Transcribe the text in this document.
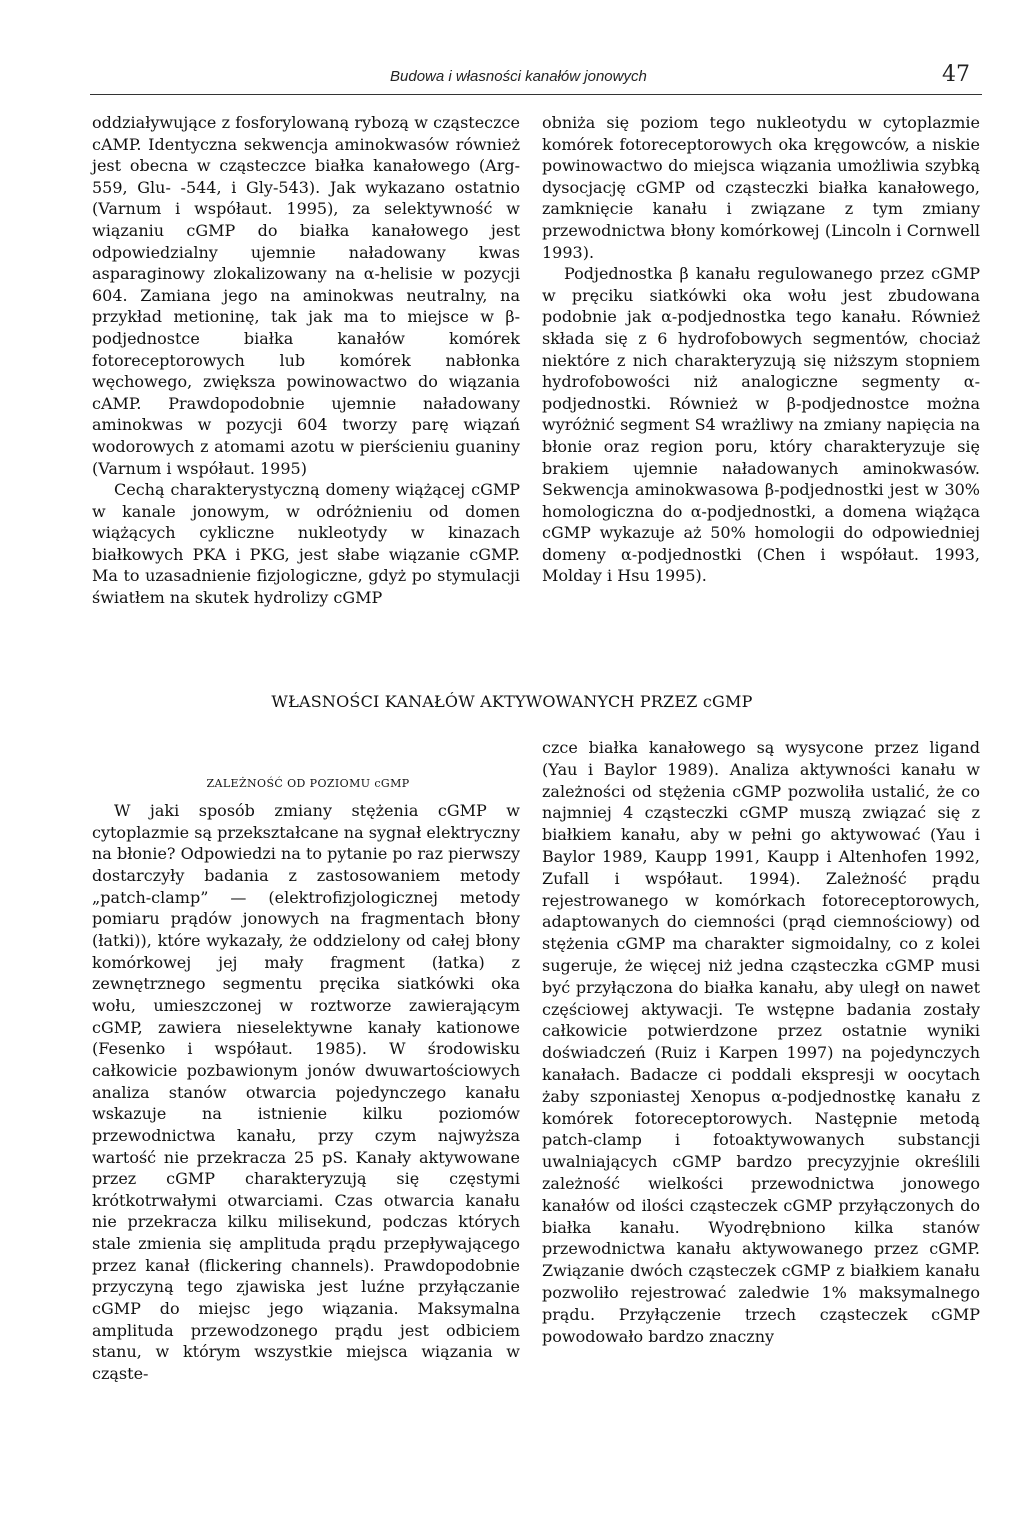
Budowa i własności kanałów jonowych	47

oddziaływujące z fosforylowaną rybozą w cząsteczce cAMP. Identyczna sekwencja aminokwasów również jest obecna w cząsteczce białka kanałowego (Arg-559, Glu- -544, i Gly-543). Jak wykazano ostatnio (Varnum i współaut. 1995), za selektywność w wiązaniu cGMP do białka kanałowego jest odpowiedzialny ujemnie naładowany kwas asparaginowy zlokalizowany na α-helisie w pozycji 604. Zamiana jego na aminokwas neutralny, na przykład metioninę, tak jak ma to miejsce w β-podjednostce białka kanałów komórek fotoreceptorowych lub komórek nabłonka węchowego, zwiększa powinowactwo do wiązania cAMP. Prawdopodobnie ujemnie naładowany aminokwas w pozycji 604 tworzy parę wiązań wodorowych z atomami azotu w pierścieniu guaniny (Varnum i współaut. 1995)

Cechą charakterystyczną domeny wiążącej cGMP w kanale jonowym, w odróżnieniu od domen wiążących cykliczne nukleotydy w kinazach białkowych PKA i PKG, jest słabe wiązanie cGMP. Ma to uzasadnienie fizjologiczne, gdyż po stymulacji światłem na skutek hydrolizy cGMP

obniża się poziom tego nukleotydu w cytoplazmie komórek fotoreceptorowych oka kręgowców, a niskie powinowactwo do miejsca wiązania umożliwia szybką dysocjację cGMP od cząsteczki białka kanałowego, zamknięcie kanału i związane z tym zmiany przewodnictwa błony komórkowej (Lincoln i Cornwell 1993).

Podjednostka β kanału regulowanego przez cGMP w pręciku siatkówki oka wołu jest zbudowana podobnie jak α-podjednostka tego kanału. Również składa się z 6 hydrofobowych segmentów, chociaż niektóre z nich charakteryzują się niższym stopniem hydrofobowości niż analogiczne segmenty α-podjednostki. Również w β-podjednostce można wyróżnić segment S4 wrażliwy na zmiany napięcia na błonie oraz region poru, który charakteryzuje się brakiem ujemnie naładowanych aminokwasów. Sekwencja aminokwasowa β-podjednostki jest w 30% homologiczna do α-podjednostki, a domena wiążąca cGMP wykazuje aż 50% homologii do odpowiedniej domeny α-podjednostki (Chen i współaut. 1993, Molday i Hsu 1995).

WŁASNOŚCI KANAŁÓW AKTYWOWANYCH PRZEZ cGMP
ZALEŻNOŚĆ OD POZIOMU cGMP

W jaki sposób zmiany stężenia cGMP w cytoplazmie są przekształcane na sygnał elektryczny na błonie? Odpowiedzi na to pytanie po raz pierwszy dostarczyły badania z zastosowaniem metody „patch-clamp” — (elektrofizjologicznej metody pomiaru prądów jonowych na fragmentach błony (łatki)), które wykazały, że oddzielony od całej błony komórkowej jej mały fragment (łatka) z zewnętrznego segmentu pręcika siatkówki oka wołu, umieszczonej w roztworze zawierającym cGMP, zawiera nieselektywne kanały kationowe (Fesenko i współaut. 1985). W środowisku całkowicie pozbawionym jonów dwuwartościowych analiza stanów otwarcia pojedynczego kanału wskazuje na istnienie kilku poziomów przewodnictwa kanału, przy czym najwyższa wartość nie przekracza 25 pS. Kanały aktywowane przez cGMP charakteryzują się częstymi krótkotrwałymi otwarciami. Czas otwarcia kanału nie przekracza kilku milisekund, podczas których stale zmienia się amplituda prądu przepływającego przez kanał (flickering channels). Prawdopodobnie przyczyną tego zjawiska jest luźne przyłączanie cGMP do miejsc jego wiązania. Maksymalna amplituda przewodzonego prądu jest odbiciem stanu, w którym wszystkie miejsca wiązania w cząste-

czce białka kanałowego są wysycone przez ligand (Yau i Baylor 1989). Analiza aktywności kanału w zależności od stężenia cGMP pozwoliła ustalić, że co najmniej 4 cząsteczki cGMP muszą związać się z białkiem kanału, aby w pełni go aktywować (Yau i Baylor 1989, Kaupp 1991, Kaupp i Altenhofen 1992, Zufall i współaut. 1994). Zależność prądu rejestrowanego w komórkach fotoreceptorowych, adaptowanych do ciemności (prąd ciemnościowy) od stężenia cGMP ma charakter sigmoidalny, co z kolei sugeruje, że więcej niż jedna cząsteczka cGMP musi być przyłączona do białka kanału, aby uległ on nawet częściowej aktywacji. Te wstępne badania zostały całkowicie potwierdzone przez ostatnie wyniki doświadczeń (Ruiz i Karpen 1997) na pojedynczych kanałach. Badacze ci poddali ekspresji w oocytach żaby szponiastej Xenopus α-podjednostkę kanału z komórek fotoreceptorowych. Następnie metodą patch-clamp i fotoaktywowanych substancji uwalniających cGMP bardzo precyzyjnie określili zależność wielkości przewodnictwa jonowego kanałów od ilości cząsteczek cGMP przyłączonych do białka kanału. Wyodrębniono kilka stanów przewodnictwa kanału aktywowanego przez cGMP. Związanie dwóch cząsteczek cGMP z białkiem kanału pozwoliło rejestrować zaledwie 1% maksymalnego prądu. Przyłączenie trzech cząsteczek cGMP powodowało bardzo znaczny
